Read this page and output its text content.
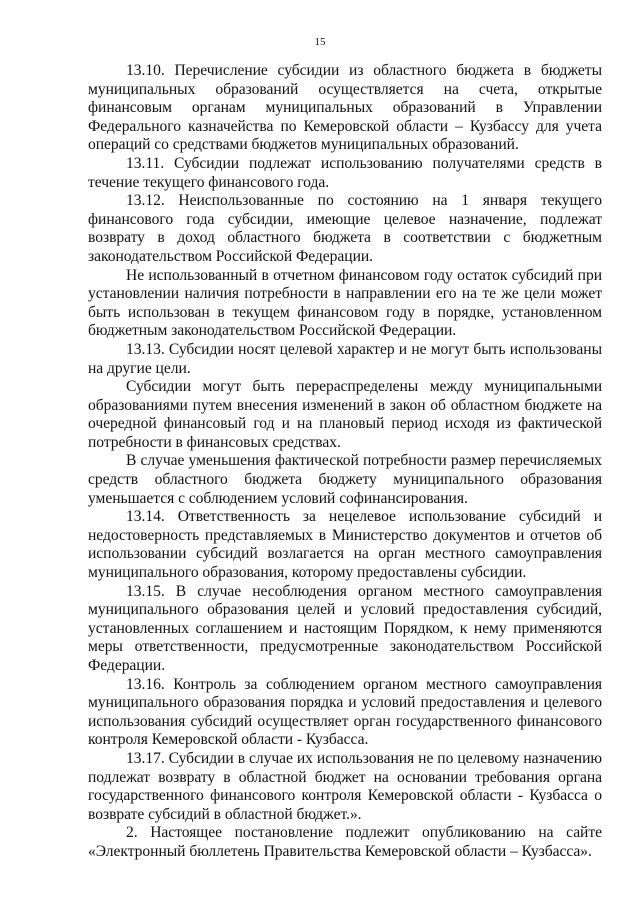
15

13.10. Перечисление субсидии из областного бюджета в бюджеты муниципальных образований осуществляется на счета, открытые финансовым органам муниципальных образований в Управлении Федерального казначейства по Кемеровской области – Кузбассу для учета операций со средствами бюджетов муниципальных образований.

13.11. Субсидии подлежат использованию получателями средств в течение текущего финансового года.

13.12. Неиспользованные по состоянию на 1 января текущего финансового года субсидии, имеющие целевое назначение, подлежат возврату в доход областного бюджета в соответствии с бюджетным законодательством Российской Федерации.

Не использованный в отчетном финансовом году остаток субсидий при установлении наличия потребности в направлении его на те же цели может быть использован в текущем финансовом году в порядке, установленном бюджетным законодательством Российской Федерации.

13.13. Субсидии носят целевой характер и не могут быть использованы на другие цели.

Субсидии могут быть перераспределены между муниципальными образованиями путем внесения изменений в закон об областном бюджете на очередной финансовый год и на плановый период исходя из фактической потребности в финансовых средствах.

В случае уменьшения фактической потребности размер перечисляемых средств областного бюджета бюджету муниципального образования уменьшается с соблюдением условий софинансирования.

13.14. Ответственность за нецелевое использование субсидий и недостоверность представляемых в Министерство документов и отчетов об использовании субсидий возлагается на орган местного самоуправления муниципального образования, которому предоставлены субсидии.

13.15. В случае несоблюдения органом местного самоуправления муниципального образования целей и условий предоставления субсидий, установленных соглашением и настоящим Порядком, к нему применяются меры ответственности, предусмотренные законодательством Российской Федерации.

13.16. Контроль за соблюдением органом местного самоуправления муниципального образования порядка и условий предоставления и целевого использования субсидий осуществляет орган государственного финансового контроля Кемеровской области - Кузбасса.

13.17. Субсидии в случае их использования не по целевому назначению подлежат возврату в областной бюджет на основании требования органа государственного финансового контроля Кемеровской области - Кузбасса о возврате субсидий в областной бюджет.».

2. Настоящее постановление подлежит опубликованию на сайте «Электронный бюллетень Правительства Кемеровской области – Кузбасса».
